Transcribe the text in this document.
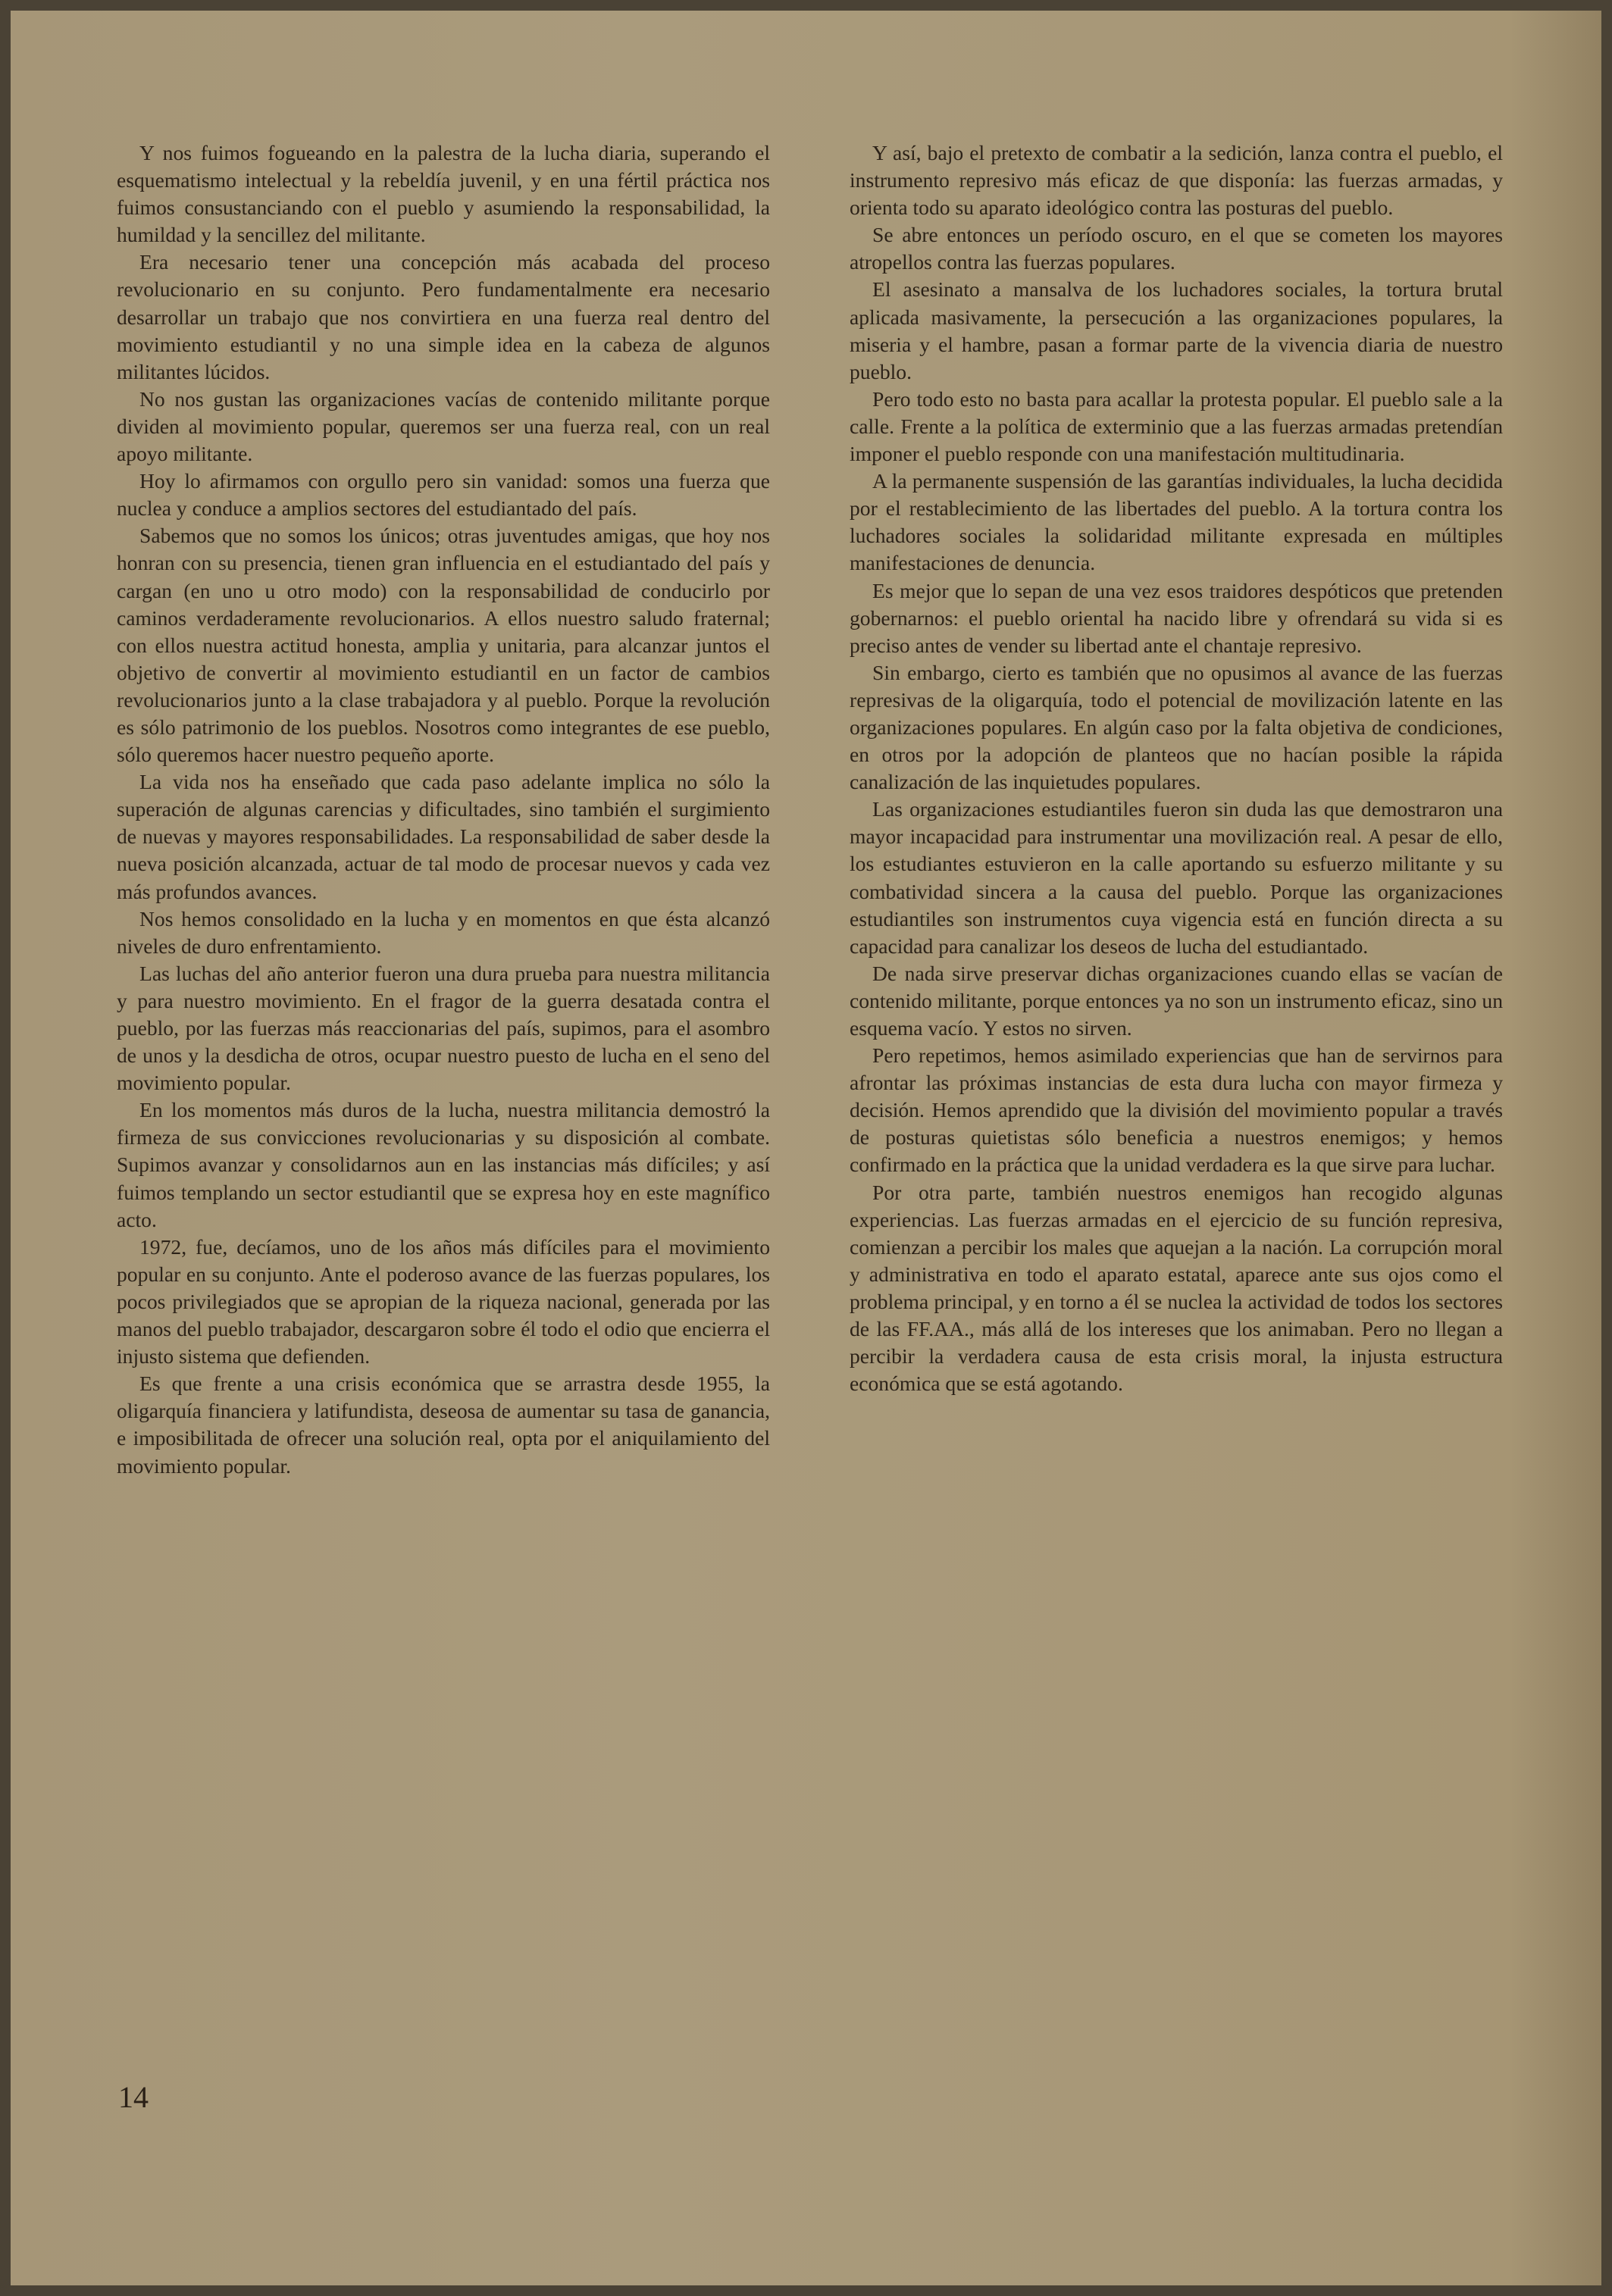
Y nos fuimos fogueando en la palestra de la lucha diaria, superando el esquematismo intelectual y la rebeldía juvenil, y en una fértil práctica nos fuimos consustanciando con el pueblo y asumiendo la responsabilidad, la humildad y la sencillez del militante.

Era necesario tener una concepción más acabada del proceso revolucionario en su conjunto. Pero fundamentalmente era necesario desarrollar un trabajo que nos convirtiera en una fuerza real dentro del movimiento estudiantil y no una simple idea en la cabeza de algunos militantes lúcidos.

No nos gustan las organizaciones vacías de contenido militante porque dividen al movimiento popular, queremos ser una fuerza real, con un real apoyo militante.

Hoy lo afirmamos con orgullo pero sin vanidad: somos una fuerza que nuclea y conduce a amplios sectores del estudiantado del país.

Sabemos que no somos los únicos; otras juventudes amigas, que hoy nos honran con su presencia, tienen gran influencia en el estudiantado del país y cargan (en uno u otro modo) con la responsabilidad de conducirlo por caminos verdaderamente revolucionarios. A ellos nuestro saludo fraternal; con ellos nuestra actitud honesta, amplia y unitaria, para alcanzar juntos el objetivo de convertir al movimiento estudiantil en un factor de cambios revolucionarios junto a la clase trabajadora y al pueblo. Porque la revolución es sólo patrimonio de los pueblos. Nosotros como integrantes de ese pueblo, sólo queremos hacer nuestro pequeño aporte.

La vida nos ha enseñado que cada paso adelante implica no sólo la superación de algunas carencias y dificultades, sino también el surgimiento de nuevas y mayores responsabilidades. La responsabilidad de saber desde la nueva posición alcanzada, actuar de tal modo de procesar nuevos y cada vez más profundos avances.

Nos hemos consolidado en la lucha y en momentos en que ésta alcanzó niveles de duro enfrentamiento.

Las luchas del año anterior fueron una dura prueba para nuestra militancia y para nuestro movimiento. En el fragor de la guerra desatada contra el pueblo, por las fuerzas más reaccionarias del país, supimos, para el asombro de unos y la desdicha de otros, ocupar nuestro puesto de lucha en el seno del movimiento popular.

En los momentos más duros de la lucha, nuestra militancia demostró la firmeza de sus convicciones revolucionarias y su disposición al combate. Supimos avanzar y consolidarnos aun en las instancias más difíciles; y así fuimos templando un sector estudiantil que se expresa hoy en este magnífico acto.

1972, fue, decíamos, uno de los años más difíciles para el movimiento popular en su conjunto. Ante el poderoso avance de las fuerzas populares, los pocos privilegiados que se apropian de la riqueza nacional, generada por las manos del pueblo trabajador, descargaron sobre él todo el odio que encierra el injusto sistema que defienden.

Es que frente a una crisis económica que se arrastra desde 1955, la oligarquía financiera y latifundista, deseosa de aumentar su tasa de ganancia, e imposibilitada de ofrecer una solución real, opta por el aniquilamiento del movimiento popular.

Y así, bajo el pretexto de combatir a la sedición, lanza contra el pueblo, el instrumento represivo más eficaz de que disponía: las fuerzas armadas, y orienta todo su aparato ideológico contra las posturas del pueblo.

Se abre entonces un período oscuro, en el que se cometen los mayores atropellos contra las fuerzas populares.

El asesinato a mansalva de los luchadores sociales, la tortura brutal aplicada masivamente, la persecución a las organizaciones populares, la miseria y el hambre, pasan a formar parte de la vivencia diaria de nuestro pueblo.

Pero todo esto no basta para acallar la protesta popular. El pueblo sale a la calle. Frente a la política de exterminio que a las fuerzas armadas pretendían imponer el pueblo responde con una manifestación multitudinaria.

A la permanente suspensión de las garantías individuales, la lucha decidida por el restablecimiento de las libertades del pueblo. A la tortura contra los luchadores sociales la solidaridad militante expresada en múltiples manifestaciones de denuncia.

Es mejor que lo sepan de una vez esos traidores despóticos que pretenden gobernarnos: el pueblo oriental ha nacido libre y ofrendará su vida si es preciso antes de vender su libertad ante el chantaje represivo.

Sin embargo, cierto es también que no opusimos al avance de las fuerzas represivas de la oligarquía, todo el potencial de movilización latente en las organizaciones populares. En algún caso por la falta objetiva de condiciones, en otros por la adopción de planteos que no hacían posible la rápida canalización de las inquietudes populares.

Las organizaciones estudiantiles fueron sin duda las que demostraron una mayor incapacidad para instrumentar una movilización real. A pesar de ello, los estudiantes estuvieron en la calle aportando su esfuerzo militante y su combatividad sincera a la causa del pueblo. Porque las organizaciones estudiantiles son instrumentos cuya vigencia está en función directa a su capacidad para canalizar los deseos de lucha del estudiantado.

De nada sirve preservar dichas organizaciones cuando ellas se vacían de contenido militante, porque entonces ya no son un instrumento eficaz, sino un esquema vacío. Y estos no sirven.

Pero repetimos, hemos asimilado experiencias que han de servirnos para afrontar las próximas instancias de esta dura lucha con mayor firmeza y decisión. Hemos aprendido que la división del movimiento popular a través de posturas quietistas sólo beneficia a nuestros enemigos; y hemos confirmado en la práctica que la unidad verdadera es la que sirve para luchar.

Por otra parte, también nuestros enemigos han recogido algunas experiencias. Las fuerzas armadas en el ejercicio de su función represiva, comienzan a percibir los males que aquejan a la nación. La corrupción moral y administrativa en todo el aparato estatal, aparece ante sus ojos como el problema principal, y en torno a él se nuclea la actividad de todos los sectores de las FF.AA., más allá de los intereses que los animaban. Pero no llegan a percibir la verdadera causa de esta crisis moral, la injusta estructura económica que se está agotando.

14
